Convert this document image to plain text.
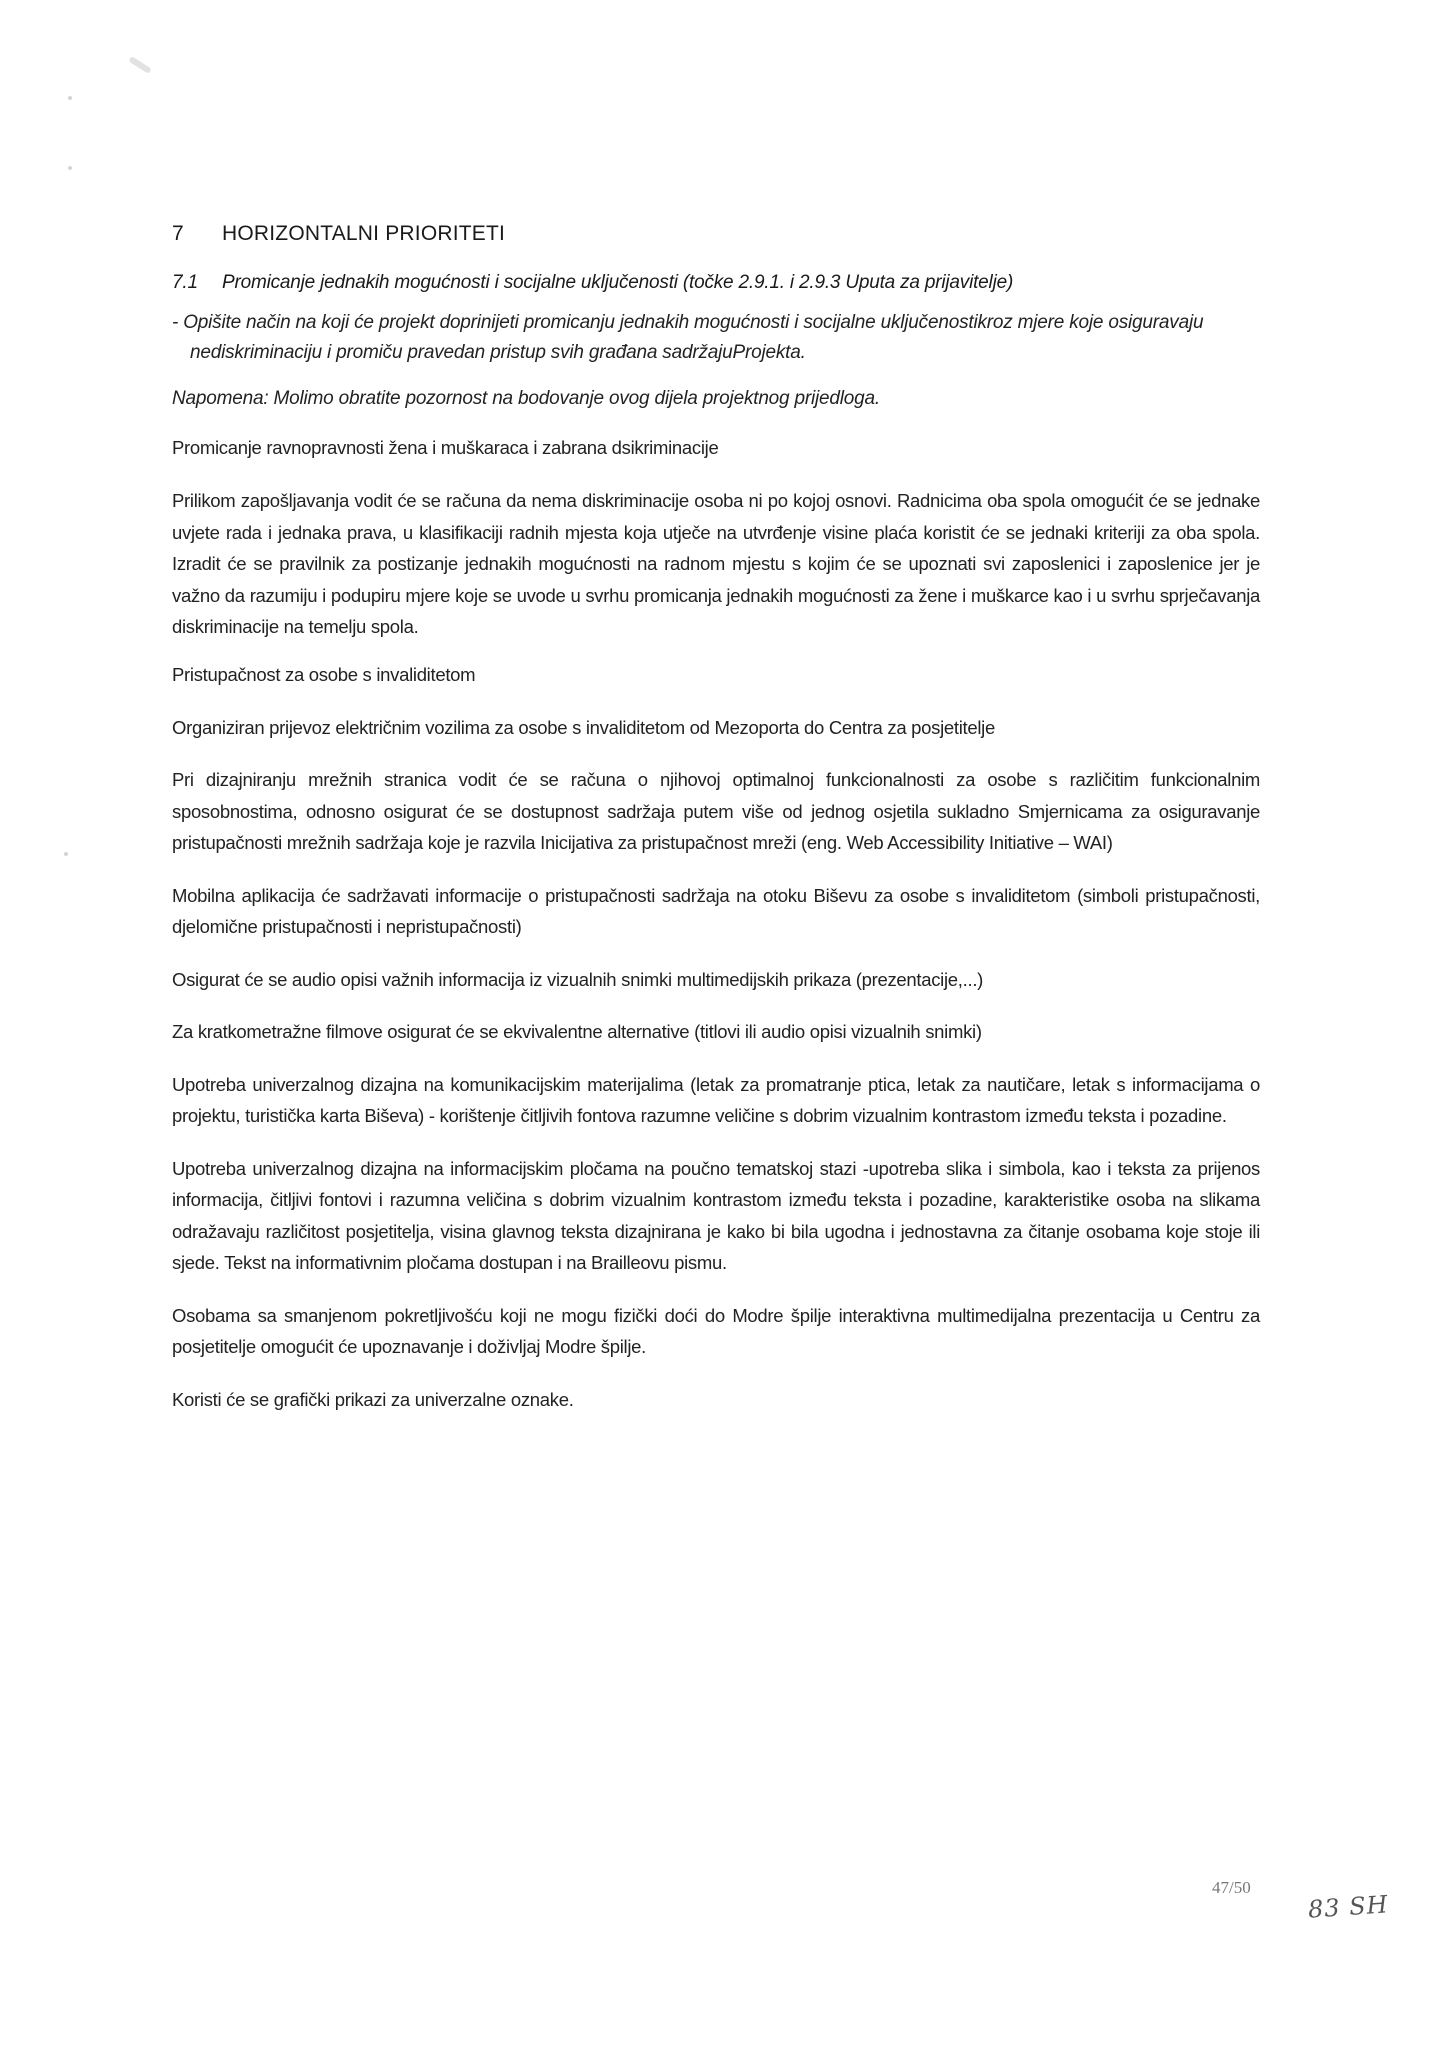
7 HORIZONTALNI PRIORITETI
7.1 Promicanje jednakih mogućnosti i socijalne uključenosti (točke 2.9.1. i 2.9.3 Uputa za prijavitelje)

- Opišite način na koji će projekt doprinijeti promicanju jednakih mogućnosti i socijalne uključenostikroz mjere koje osiguravaju nediskriminaciju i promiču pravedan pristup svih građana sadržajuProjekta.

Napomena: Molimo obratite pozornost na bodovanje ovog dijela projektnog prijedloga.

Promicanje ravnopravnosti žena i muškaraca i zabrana dsikriminacije

Prilikom zapošljavanja vodit će se računa da nema diskriminacije osoba ni po kojoj osnovi. Radnicima oba spola omogućit će se jednake uvjete rada i jednaka prava, u klasifikaciji radnih mjesta koja utječe na utvrđenje visine plaća koristit će se jednaki kriteriji za oba spola. Izradit će se pravilnik za postizanje jednakih mogućnosti na radnom mjestu s kojim će se upoznati svi zaposlenici i zaposlenice jer je važno da razumiju i podupiru mjere koje se uvode u svrhu promicanja jednakih mogućnosti za žene i muškarce kao i u svrhu sprječavanja diskriminacije na temelju spola.

Pristupačnost za osobe s invaliditetom

Organiziran prijevoz električnim vozilima za osobe s invaliditetom od Mezoporta do Centra za posjetitelje

Pri dizajniranju mrežnih stranica vodit će se računa o njihovoj optimalnoj funkcionalnosti za osobe s različitim funkcionalnim sposobnostima, odnosno osigurat će se dostupnost sadržaja putem više od jednog osjetila sukladno Smjernicama za osiguravanje pristupačnosti mrežnih sadržaja koje je razvila Inicijativa za pristupačnost mreži (eng. Web Accessibility Initiative – WAI)

Mobilna aplikacija će sadržavati informacije o pristupačnosti sadržaja na otoku Biševu za osobe s invaliditetom (simboli pristupačnosti, djelomične pristupačnosti i nepristupačnosti)

Osigurat će se audio opisi važnih informacija iz vizualnih snimki multimedijskih prikaza (prezentacije,...)

Za kratkometražne filmove osigurat će se ekvivalentne alternative (titlovi ili audio opisi vizualnih snimki)

Upotreba univerzalnog dizajna na komunikacijskim materijalima (letak za promatranje ptica, letak za nautičare, letak s informacijama o projektu, turistička karta Biševa) - korištenje čitljivih fontova razumne veličine s dobrim vizualnim kontrastom između teksta i pozadine.

Upotreba univerzalnog dizajna na informacijskim pločama na poučno tematskoj stazi -upotreba slika i simbola, kao i teksta za prijenos informacija, čitljivi fontovi i razumna veličina s dobrim vizualnim kontrastom između teksta i pozadine, karakteristike osoba na slikama odražavaju različitost posjetitelja, visina glavnog teksta dizajnirana je kako bi bila ugodna i jednostavna za čitanje osobama koje stoje ili sjede. Tekst na informativnim pločama dostupan i na Brailleovu pismu.

Osobama sa smanjenom pokretljivošću koji ne mogu fizički doći do Modre špilje interaktivna multimedijalna prezentacija u Centru za posjetitelje omogućit će upoznavanje i doživljaj Modre špilje.

Koristi će se grafički prikazi za univerzalne oznake.

47/50
83 SH
